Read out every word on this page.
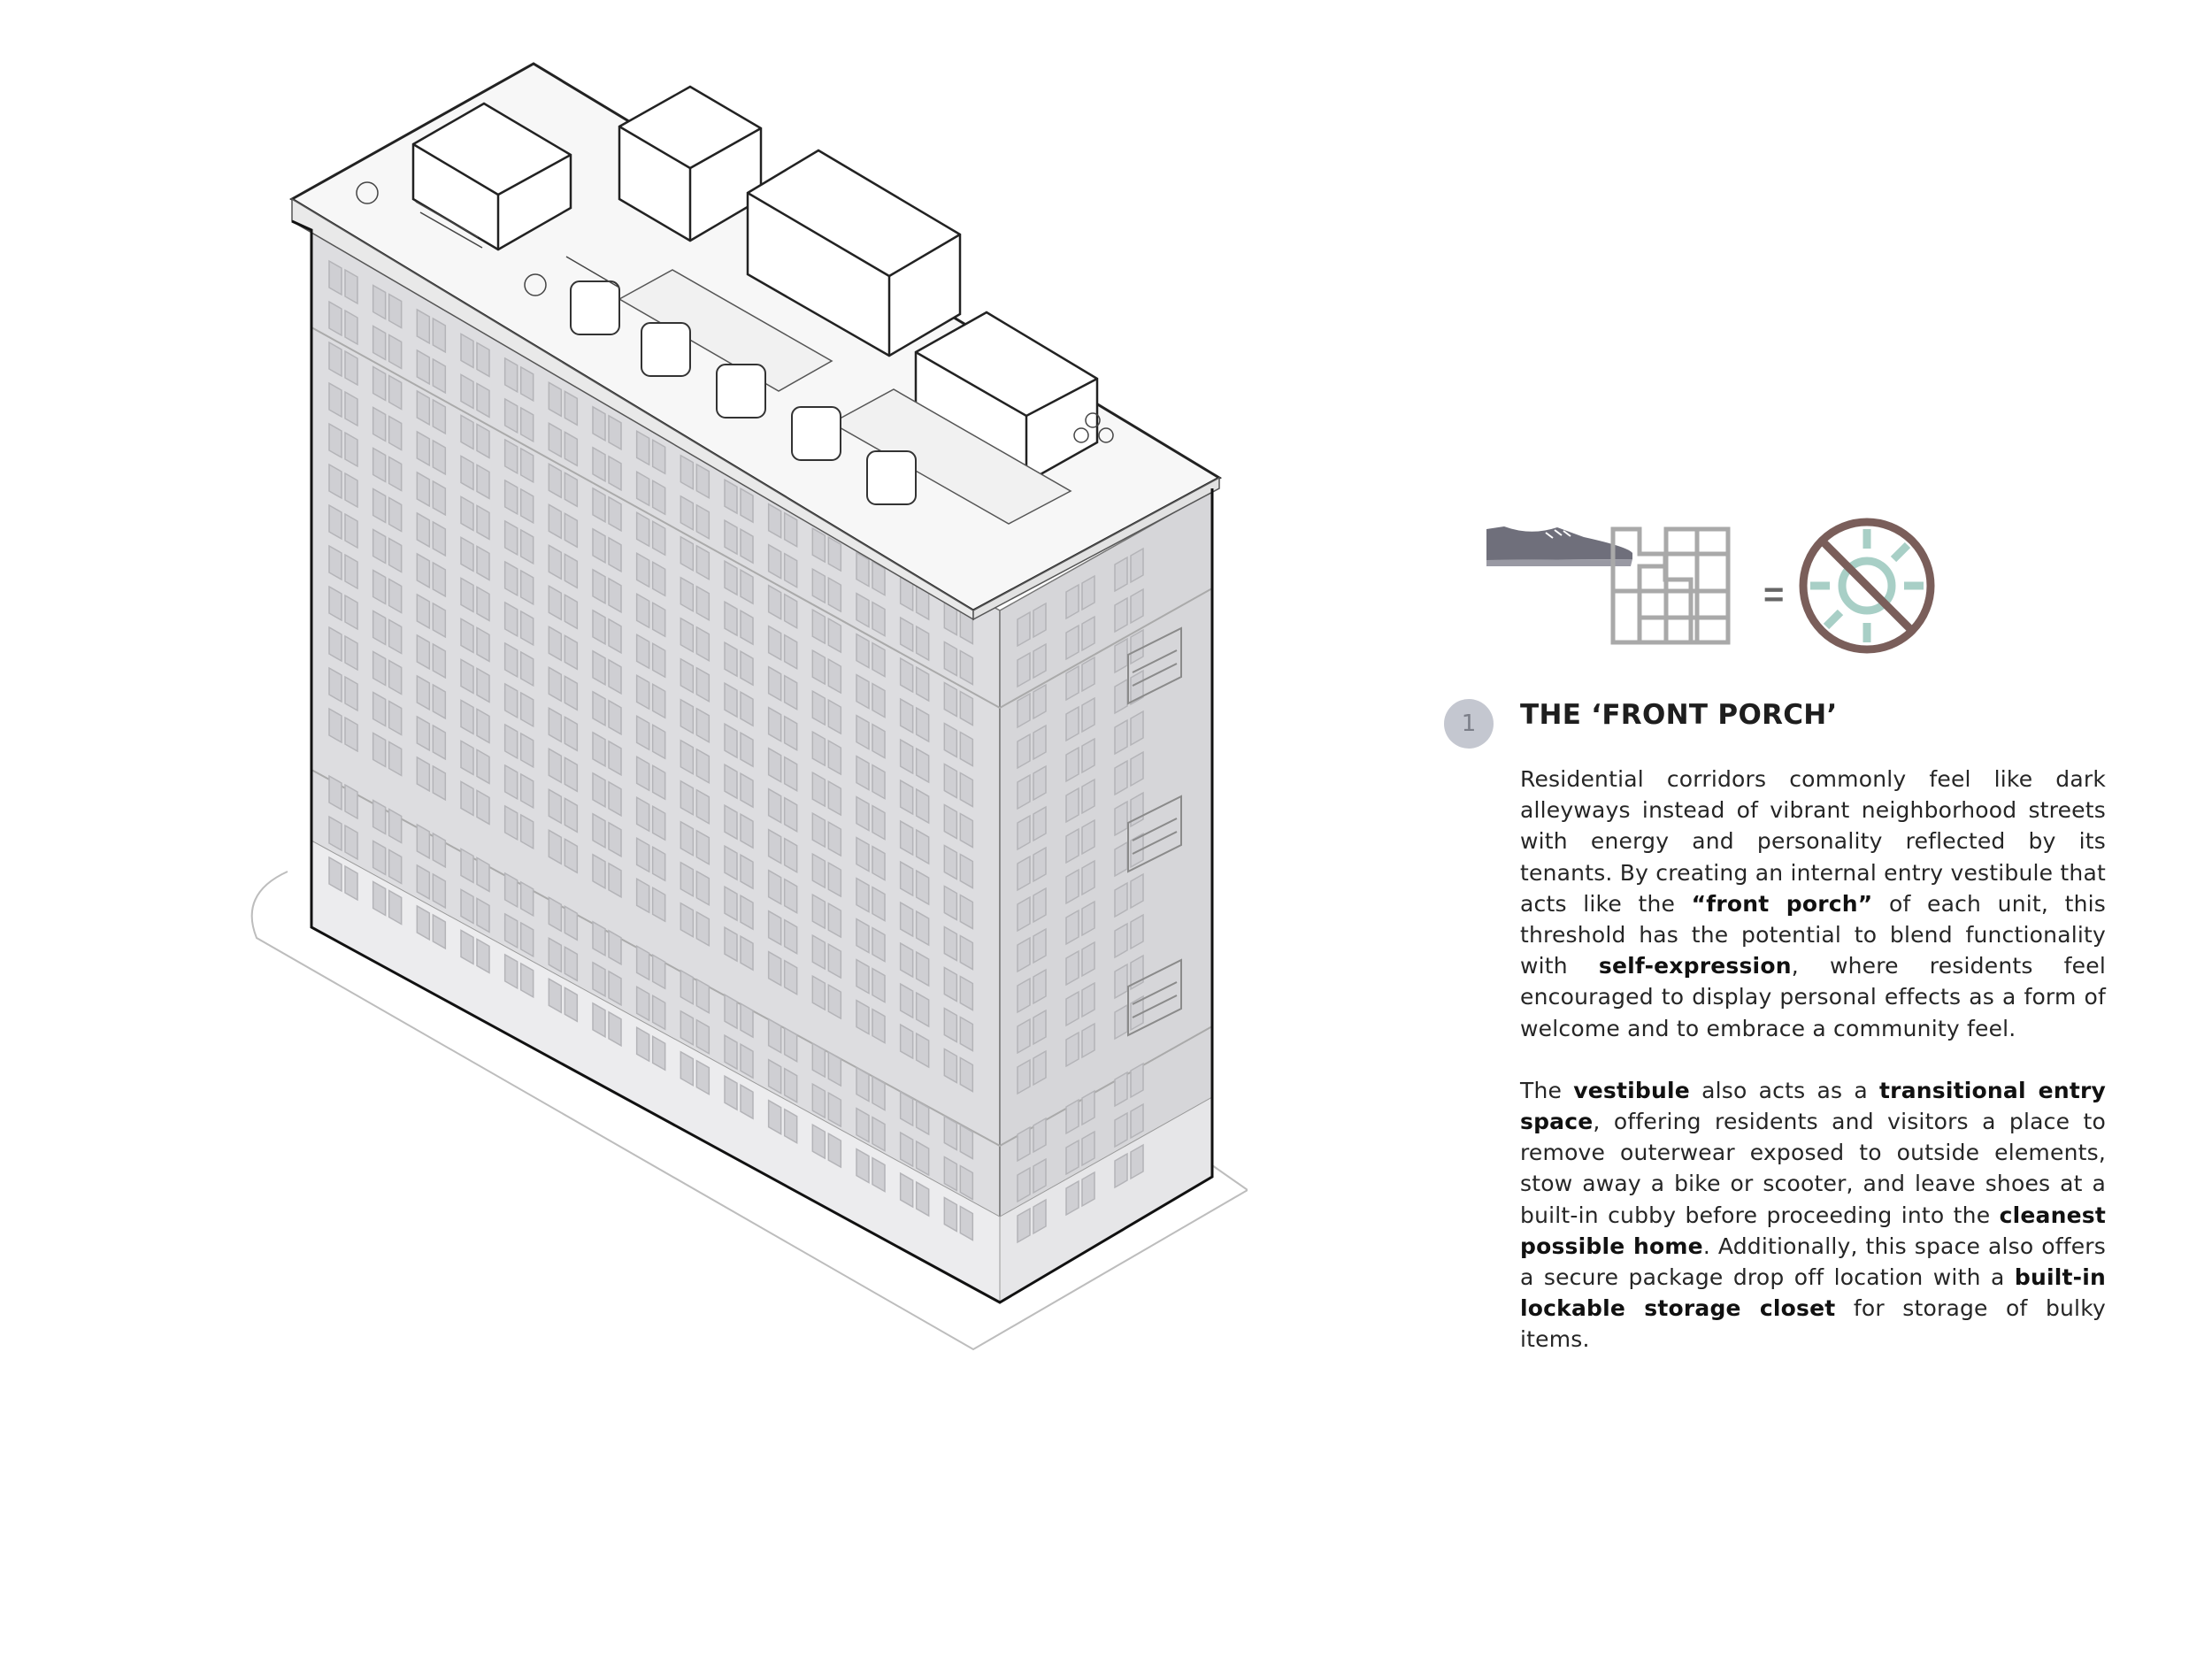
=
1	THE ‘FRONT PORCH’

Residential corridors commonly feel like dark alleyways instead of vibrant neighborhood streets with energy and personality reflected by its tenants. By creating an internal entry vestibule that acts like the “front porch” of each unit, this threshold has the potential to blend functionality with self-expression, where residents feel encouraged to display personal effects as a form of welcome and to embrace a community feel.

The vestibule also acts as a transitional entry space, offering residents and visitors a place to remove outerwear exposed to outside elements, stow away a bike or scooter, and leave shoes at a built-in cubby before proceeding into the cleanest possible home. Additionally, this space also offers a secure package drop off location with a built-in lockable storage closet for storage of bulky items.
